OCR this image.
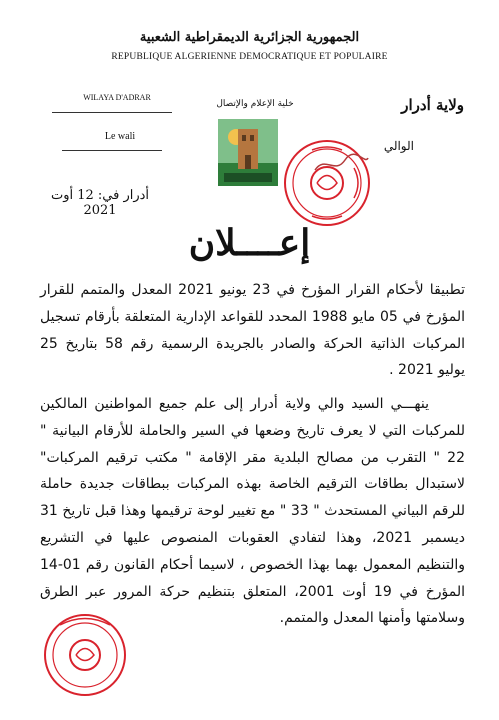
الجمهورية الجزائرية الديمقراطية الشعبية
REPUBLIQUE ALGERIENNE DEMOCRATIQUE ET POPULAIRE
WILAYA D'ADRAR
Le wali
ولاية أدرار
الوالي
خلية الإعلام والإتصال
أدرار في: 12 أوت 2021
إعــــلان
تطبيقا لأحكام القرار المؤرخ في 23 يونيو 2021 المعدل والمتمم للقرار المؤرخ في 05 مايو 1988 المحدد للقواعد الإدارية المتعلقة بأرقام تسجيل المركبات الذاتية الحركة والصادر بالجريدة الرسمية رقم 58 بتاريخ 25 يوليو 2021 .
ينهـــي السيد والي ولاية أدرار إلى علم جميع المواطنين المالكين للمركبات التي لا يعرف تاريخ وضعها في السير والحاملة للأرقام البيانية " 22 " التقرب من مصالح البلدية مقر الإقامة " مكتب ترقيم المركبات" لاستبدال بطاقات الترقيم الخاصة بهذه المركبات ببطاقات جديدة حاملة للرقم البياني المستحدث " 33 " مع تغيير لوحة ترقيمها وهذا قبل تاريخ 31 ديسمبر 2021، وهذا لتفادي العقوبات المنصوص عليها في التشريع والتنظيم المعمول بهما بهذا الخصوص ، لاسيما أحكام القانون رقم 01-14 المؤرخ في 19 أوت 2001، المتعلق بتنظيم حركة المرور عبر الطرق وسلامتها وأمنها المعدل والمتمم.
